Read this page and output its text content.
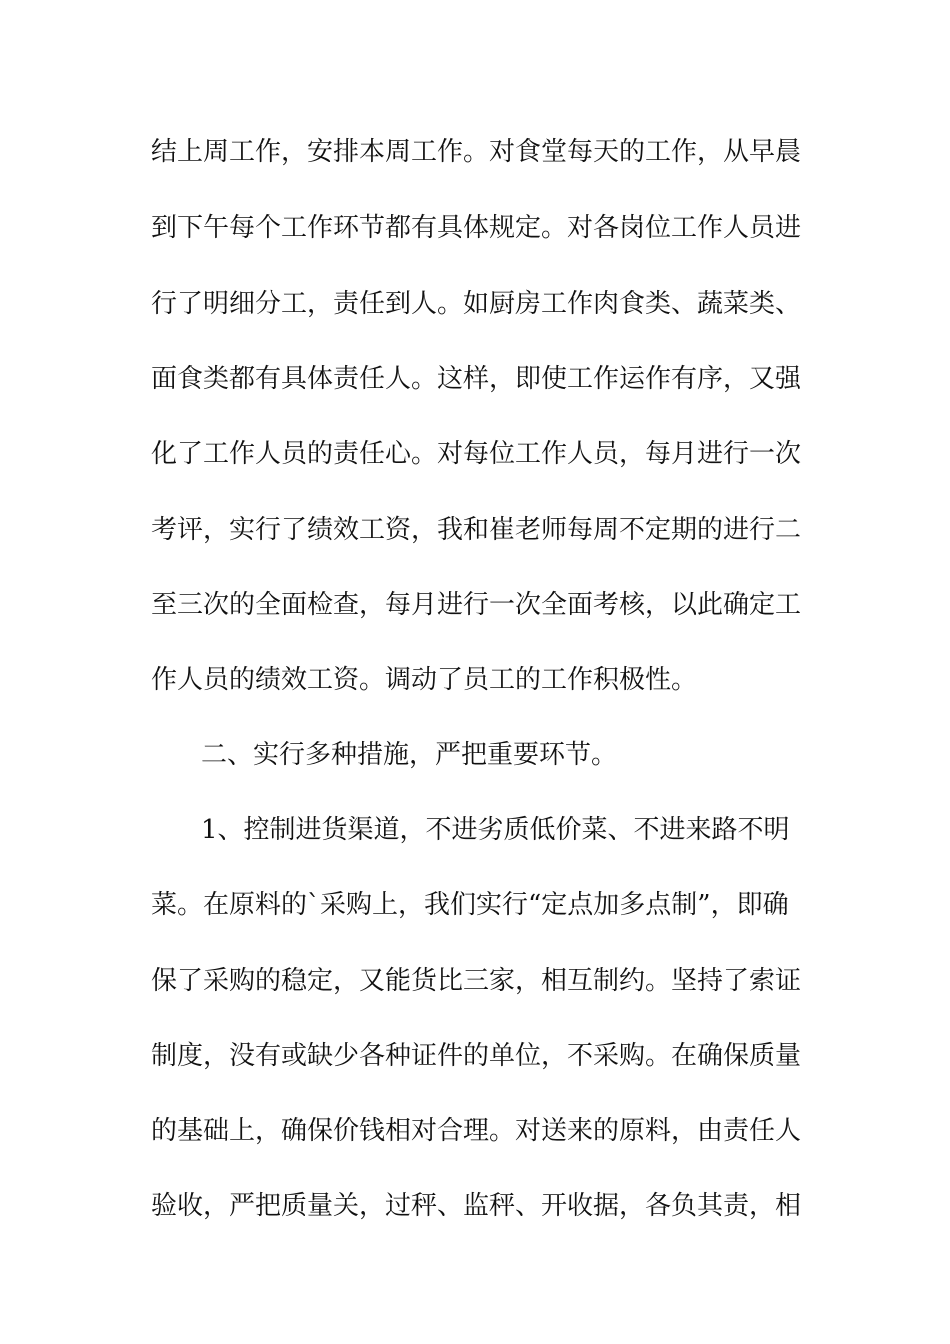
结上周工作，安排本周工作。对食堂每天的工作，从早晨
到下午每个工作环节都有具体规定。对各岗位工作人员进
行了明细分工，责任到人。如厨房工作肉食类、蔬菜类、
面食类都有具体责任人。这样，即使工作运作有序，又强
化了工作人员的责任心。对每位工作人员，每月进行一次
考评，实行了绩效工资，我和崔老师每周不定期的进行二
至三次的全面检查，每月进行一次全面考核，以此确定工
作人员的绩效工资。调动了员工的工作积极性。
二、实行多种措施，严把重要环节。
1、控制进货渠道，不进劣质低价菜、不进来路不明
菜。在原料的`采购上，我们实行“定点加多点制”，即确
保了采购的稳定，又能货比三家，相互制约。坚持了索证
制度，没有或缺少各种证件的单位，不采购。在确保质量
的基础上，确保价钱相对合理。对送来的原料，由责任人
验收，严把质量关，过秤、监秤、开收据，各负其责，相
